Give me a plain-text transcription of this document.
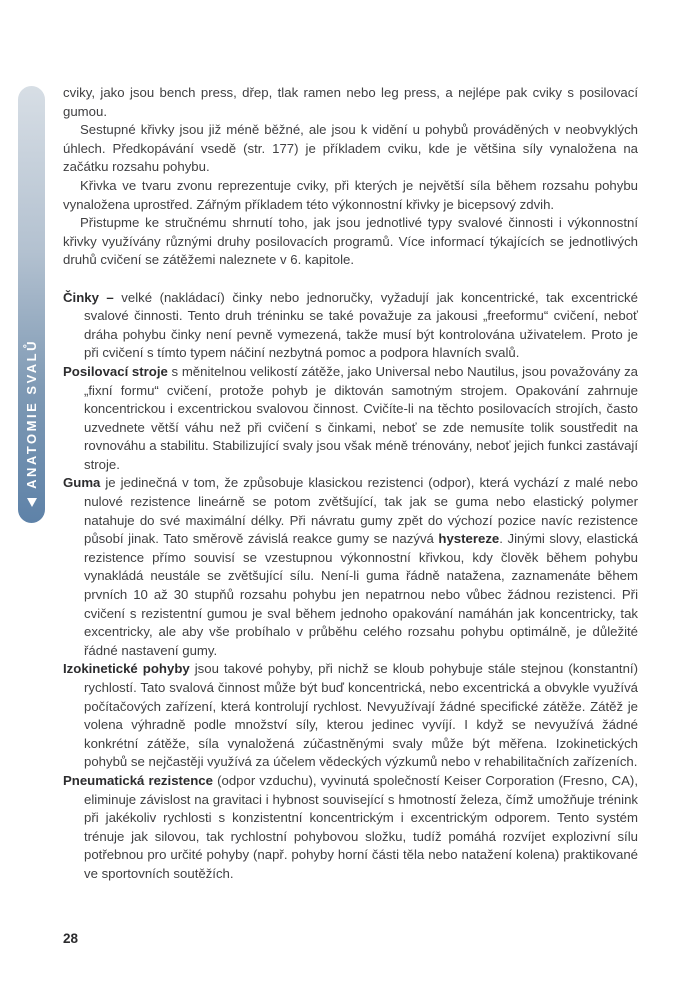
ANATOMIE SVALŮ

cviky, jako jsou bench press, dřep, tlak ramen nebo leg press, a nejlépe pak cviky s posilovací gumou.

Sestupné křivky jsou již méně běžné, ale jsou k vidění u pohybů prováděných v neobvyklých úhlech. Předkopávání vsedě (str. 177) je příkladem cviku, kde je většina síly vynaložena na začátku rozsahu pohybu.

Křivka ve tvaru zvonu reprezentuje cviky, při kterých je největší síla během rozsahu pohybu vynaložena uprostřed. Zářným příkladem této výkonnostní křivky je bicepsový zdvih.

Přistupme ke stručnému shrnutí toho, jak jsou jednotlivé typy svalové činnosti i výkonnostní křivky využívány různými druhy posilovacích programů. Více informací týkajících se jednotlivých druhů cvičení se zátěžemi naleznete v 6. kapitole.

Činky – velké (nakládací) činky nebo jednoručky, vyžadují jak koncentrické, tak excentrické svalové činnosti. Tento druh tréninku se také považuje za jakousi „freeformu“ cvičení, neboť dráha pohybu činky není pevně vymezená, takže musí být kontrolována uživatelem. Proto je při cvičení s tímto typem náčiní nezbytná pomoc a podpora hlavních svalů.

Posilovací stroje s měnitelnou velikostí zátěže, jako Universal nebo Nautilus, jsou považovány za „fixní formu“ cvičení, protože pohyb je diktován samotným strojem. Opakování zahrnuje koncentrickou i excentrickou svalovou činnost. Cvičíte-li na těchto posilovacích strojích, často uzvednete větší váhu než při cvičení s činkami, neboť se zde nemusíte tolik soustředit na rovnováhu a stabilitu. Stabilizující svaly jsou však méně trénovány, neboť jejich funkci zastávají stroje.

Guma je jedinečná v tom, že způsobuje klasickou rezistenci (odpor), která vychází z malé nebo nulové rezistence lineárně se potom zvětšující, tak jak se guma nebo elastický polymer natahuje do své maximální délky. Při návratu gumy zpět do výchozí pozice navíc rezistence působí jinak. Tato směrově závislá reakce gumy se nazývá hystereze. Jinými slovy, elastická rezistence přímo souvisí se vzestupnou výkonnostní křivkou, kdy člověk během pohybu vynakládá neustále se zvětšující sílu. Není-li guma řádně natažena, zaznamenáte během prvních 10 až 30 stupňů rozsahu pohybu jen nepatrnou nebo vůbec žádnou rezistenci. Při cvičení s rezistentní gumou je sval během jednoho opakování namáhán jak koncentricky, tak excentricky, ale aby vše probíhalo v průběhu celého rozsahu pohybu optimálně, je důležité řádné nastavení gumy.

Izokinetické pohyby jsou takové pohyby, při nichž se kloub pohybuje stále stejnou (konstantní) rychlostí. Tato svalová činnost může být buď koncentrická, nebo excentrická a obvykle využívá počítačových zařízení, která kontrolují rychlost. Nevyužívají žádné specifické zátěže. Zátěž je volena výhradně podle množství síly, kterou jedinec vyvíjí. I když se nevyužívá žádné konkrétní zátěže, síla vynaložená zúčastněnými svaly může být měřena. Izokinetických pohybů se nejčastěji využívá za účelem vědeckých výzkumů nebo v rehabilitačních zařízeních.

Pneumatická rezistence (odpor vzduchu), vyvinutá společností Keiser Corporation (Fresno, CA), eliminuje závislost na gravitaci i hybnost související s hmotností železa, čímž umožňuje trénink při jakékoliv rychlosti s konzistentní koncentrickým i excentrickým odporem. Tento systém trénuje jak silovou, tak rychlostní pohybovou složku, tudíž pomáhá rozvíjet explozivní sílu potřebnou pro určité pohyby (např. pohyby horní části těla nebo natažení kolena) praktikované ve sportovních soutěžích.

28
